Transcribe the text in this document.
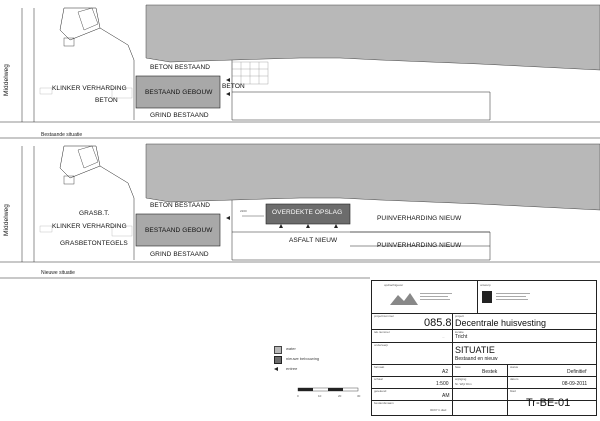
Middelweg	BETON BESTAAND
BESTAAND GEBOUW
BETON
KLINKER VERHARDING
BETON
GRIND BESTAAND
Bestaande situatie
Middelweg	BETON BESTAAND
OVERDEKTE OPSLAG
2200
PUINVERHARDING NIEUW
GRASB.T.
BESTAAND GEBOUW
KLINKER VERHARDING
ASFALT NIEUW
PUINVERHARDING NIEUW
GRASBETONTEGELS
GRIND BESTAAND
Nieuwe situatie
water
nieuwe bebouwing
entree
0	10	20	30
opdrachtgever	ontwerp
projectnummer
085.8
project
Decentrale huisvesting
tek.nummer
...
locatie
Tricht
onderwerp	SITUATIE
Bestaand en nieuw
formaat
A2
fase
Bestek
status
Definitief
schaal
1:500
wijziging
Nr. Wijz Dtm
datum
08-09-2011
getekend
AM
blad
bestandsnaam
00/07 tr.dwd
Tr-BE-01
